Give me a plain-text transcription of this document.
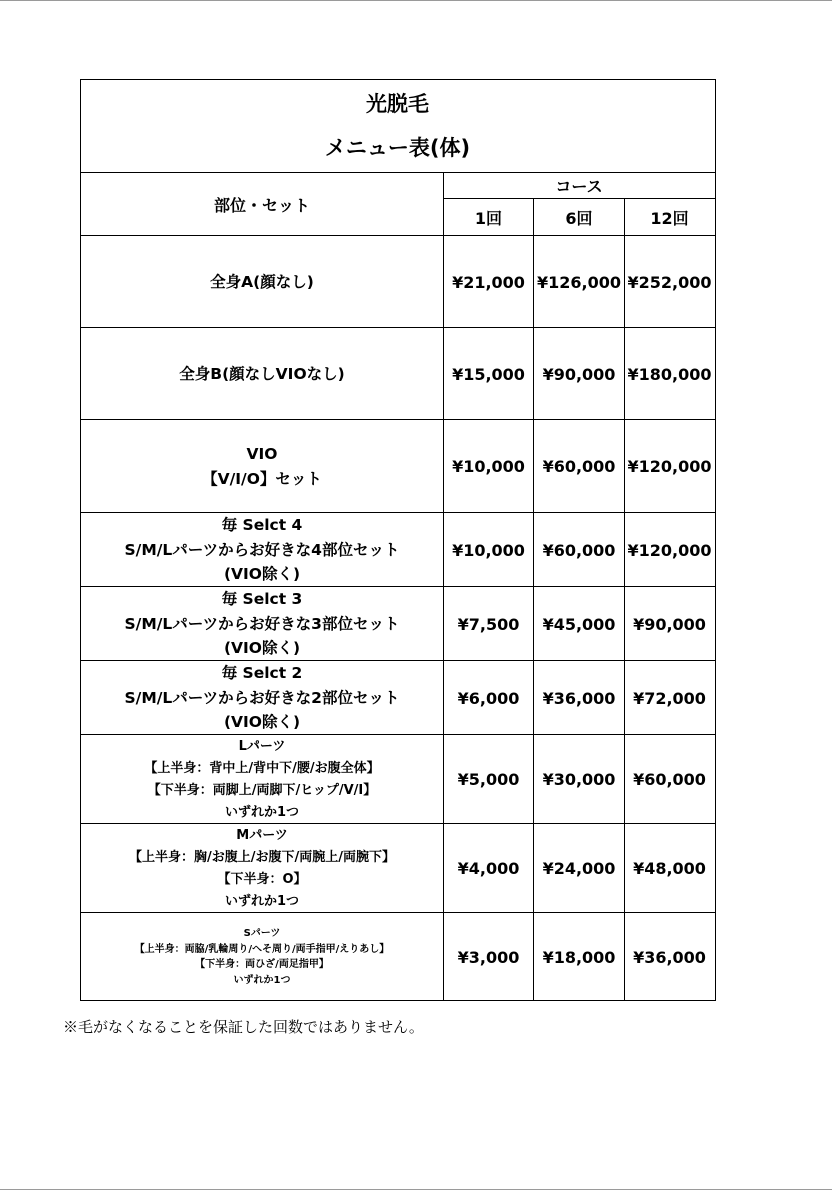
光脱毛
メニュー表(体)
部位・セット
コース
1回	6回	12回
全身A(顔なし)	¥21,000 ¥126,000 ¥252,000
全身B(顔なしVIOなし)	¥15,000	¥90,000 ¥180,000
VIO
【V/I/O】セット
¥10,000	¥60,000 ¥120,000
毎 Selct 4
S/M/Lパーツからお好きな4部位セット
(VIO除く)
¥10,000	¥60,000 ¥120,000
毎 Selct 3
S/M/Lパーツからお好きな3部位セット
(VIO除く)
¥7,500	¥45,000	¥90,000
毎 Selct 2
S/M/Lパーツからお好きな2部位セット
(VIO除く)
¥6,000	¥36,000	¥72,000
Lパーツ
【上半身：背中上/背中下/腰/お腹全体】
【下半身：両脚上/両脚下/ヒップ/V/I】
いずれか1つ
¥5,000	¥30,000	¥60,000
Mパーツ
【上半身：胸/お腹上/お腹下/両腕上/両腕下】
【下半身：O】
いずれか1つ
¥4,000	¥24,000	¥48,000
Sパーツ
【上半身：両脇/乳輪周り/へそ周り/両手指甲/えりあし】
【下半身：両ひざ/両足指甲】
いずれか1つ
¥3,000	¥18,000	¥36,000
※毛がなくなることを保証した回数ではありません。
